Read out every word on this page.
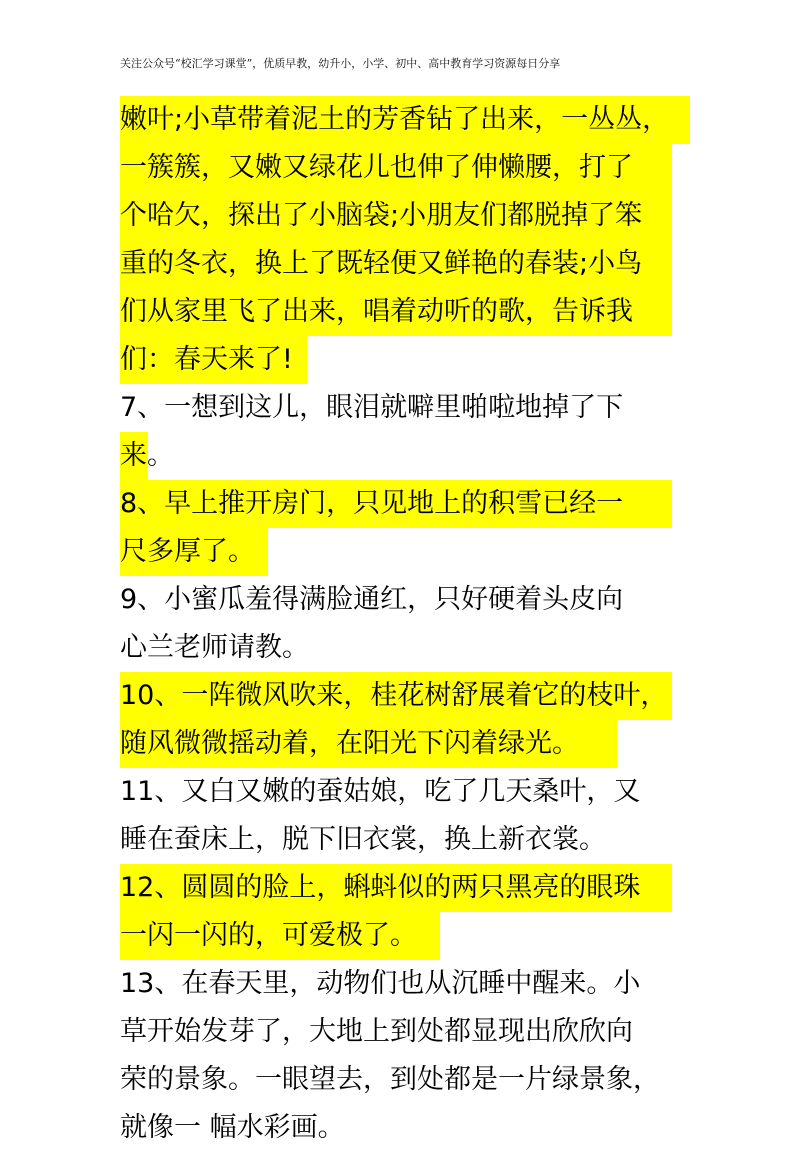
关注公众号“校汇学习课堂”，优质早教，幼升小，小学、初中、高中教育学习资源每日分享
嫩叶;小草带着泥土的芳香钻了出来，一丛丛，
一簇簇，又嫩又绿花儿也伸了伸懒腰，打了
个哈欠，探出了小脑袋;小朋友们都脱掉了笨
重的冬衣，换上了既轻便又鲜艳的春装;小鸟
们从家里飞了出来，唱着动听的歌，告诉我
们：春天来了!
7、一想到这儿，眼泪就噼里啪啦地掉了下
来。
8、早上推开房门，只见地上的积雪已经一
尺多厚了。
9、小蜜瓜羞得满脸通红，只好硬着头皮向
心兰老师请教。
10、一阵微风吹来，桂花树舒展着它的枝叶，
随风微微摇动着，在阳光下闪着绿光。
11、又白又嫩的蚕姑娘，吃了几天桑叶，又
睡在蚕床上，脱下旧衣裳，换上新衣裳。
12、圆圆的脸上，蝌蚪似的两只黑亮的眼珠
一闪一闪的，可爱极了。
13、在春天里，动物们也从沉睡中醒来。小
草开始发芽了，大地上到处都显现出欣欣向
荣的景象。一眼望去，到处都是一片绿景象，
就像一 幅水彩画。
